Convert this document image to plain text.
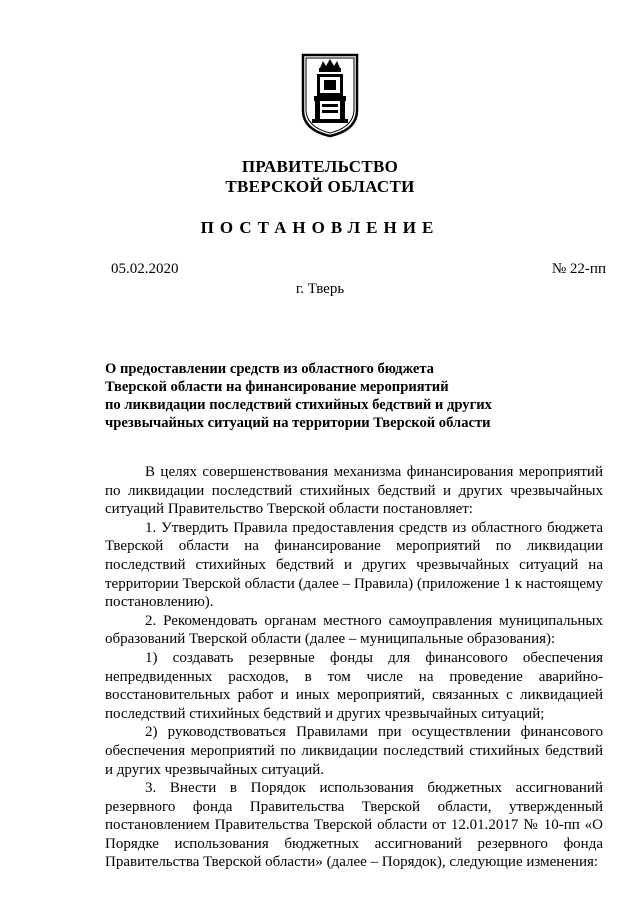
ПРАВИТЕЛЬСТВО
ТВЕРСКОЙ ОБЛАСТИ
ПОСТАНОВЛЕНИЕ
05.02.2020	№ 22-пп
г. Тверь
О предоставлении средств из областного бюджета
Тверской области на финансирование мероприятий
по ликвидации последствий стихийных бедствий и других
чрезвычайных ситуаций на территории Тверской области

В целях совершенствования механизма финансирования мероприятий по ликвидации последствий стихийных бедствий и других чрезвычайных ситуаций Правительство Тверской области постановляет:

1. Утвердить Правила предоставления средств из областного бюджета Тверской области на финансирование мероприятий по ликвидации последствий стихийных бедствий и других чрезвычайных ситуаций на территории Тверской области (далее – Правила) (приложение 1 к настоящему постановлению).

2. Рекомендовать органам местного самоуправления муниципальных образований Тверской области (далее – муниципальные образования):

1) создавать резервные фонды для финансового обеспечения непредвиденных расходов, в том числе на проведение аварийно-восстановительных работ и иных мероприятий, связанных с ликвидацией последствий стихийных бедствий и других чрезвычайных ситуаций;

2) руководствоваться Правилами при осуществлении финансового обеспечения мероприятий по ликвидации последствий стихийных бедствий и других чрезвычайных ситуаций.

3. Внести в Порядок использования бюджетных ассигнований резервного фонда Правительства Тверской области, утвержденный постановлением Правительства Тверской области от 12.01.2017 № 10-пп «О Порядке использования бюджетных ассигнований резервного фонда Правительства Тверской области» (далее – Порядок), следующие изменения:
